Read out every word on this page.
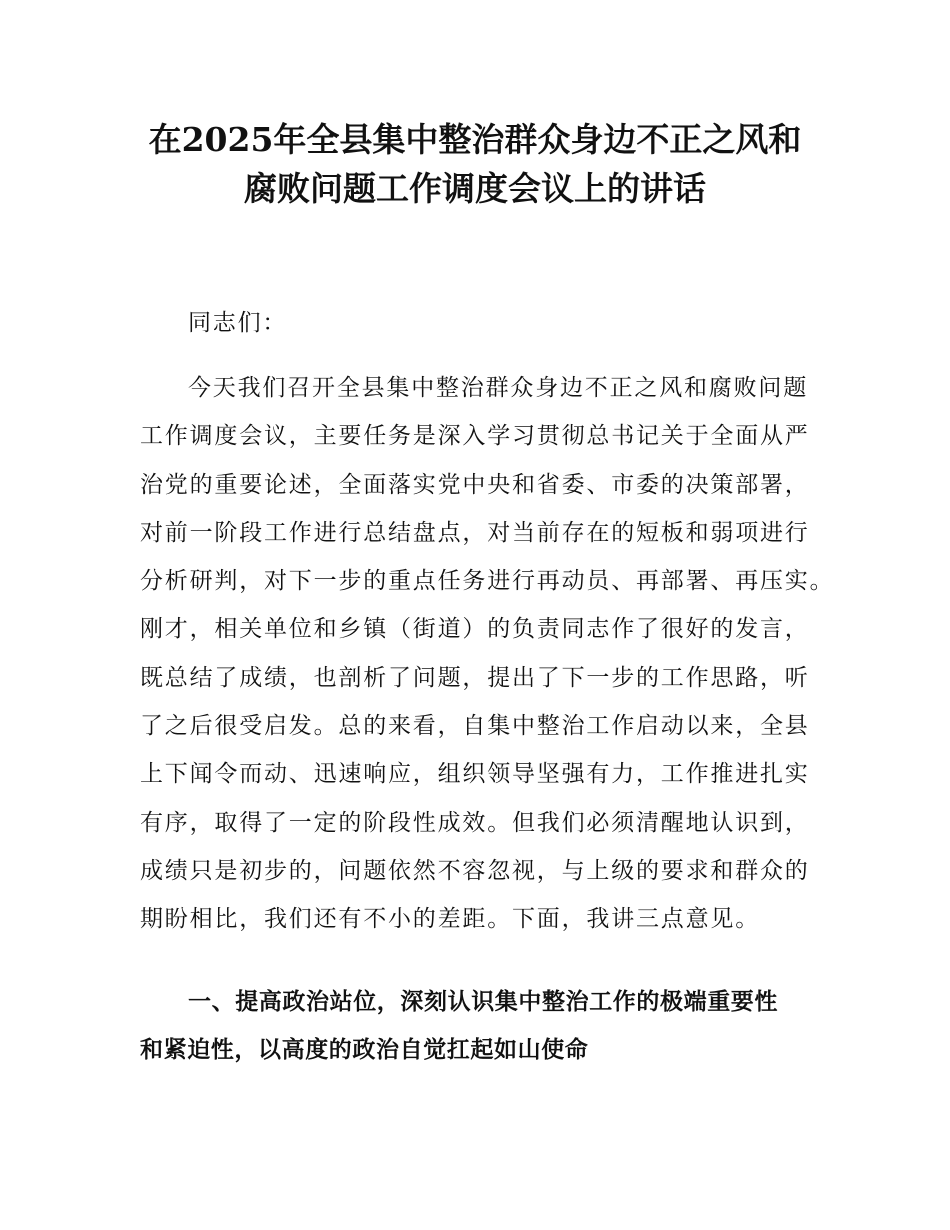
在2025年全县集中整治群众身边不正之风和
腐败问题工作调度会议上的讲话

同志们：

今天我们召开全县集中整治群众身边不正之风和腐败问题
工作调度会议，主要任务是深入学习贯彻总书记关于全面从严
治党的重要论述，全面落实党中央和省委、市委的决策部署，
对前一阶段工作进行总结盘点，对当前存在的短板和弱项进行
分析研判，对下一步的重点任务进行再动员、再部署、再压实。
刚才，相关单位和乡镇（街道）的负责同志作了很好的发言，
既总结了成绩，也剖析了问题，提出了下一步的工作思路，听
了之后很受启发。总的来看，自集中整治工作启动以来，全县
上下闻令而动、迅速响应，组织领导坚强有力，工作推进扎实
有序，取得了一定的阶段性成效。但我们必须清醒地认识到，
成绩只是初步的，问题依然不容忽视，与上级的要求和群众的
期盼相比，我们还有不小的差距。下面，我讲三点意见。
一、提高政治站位，深刻认识集中整治工作的极端重要性
和紧迫性，以高度的政治自觉扛起如山使命
